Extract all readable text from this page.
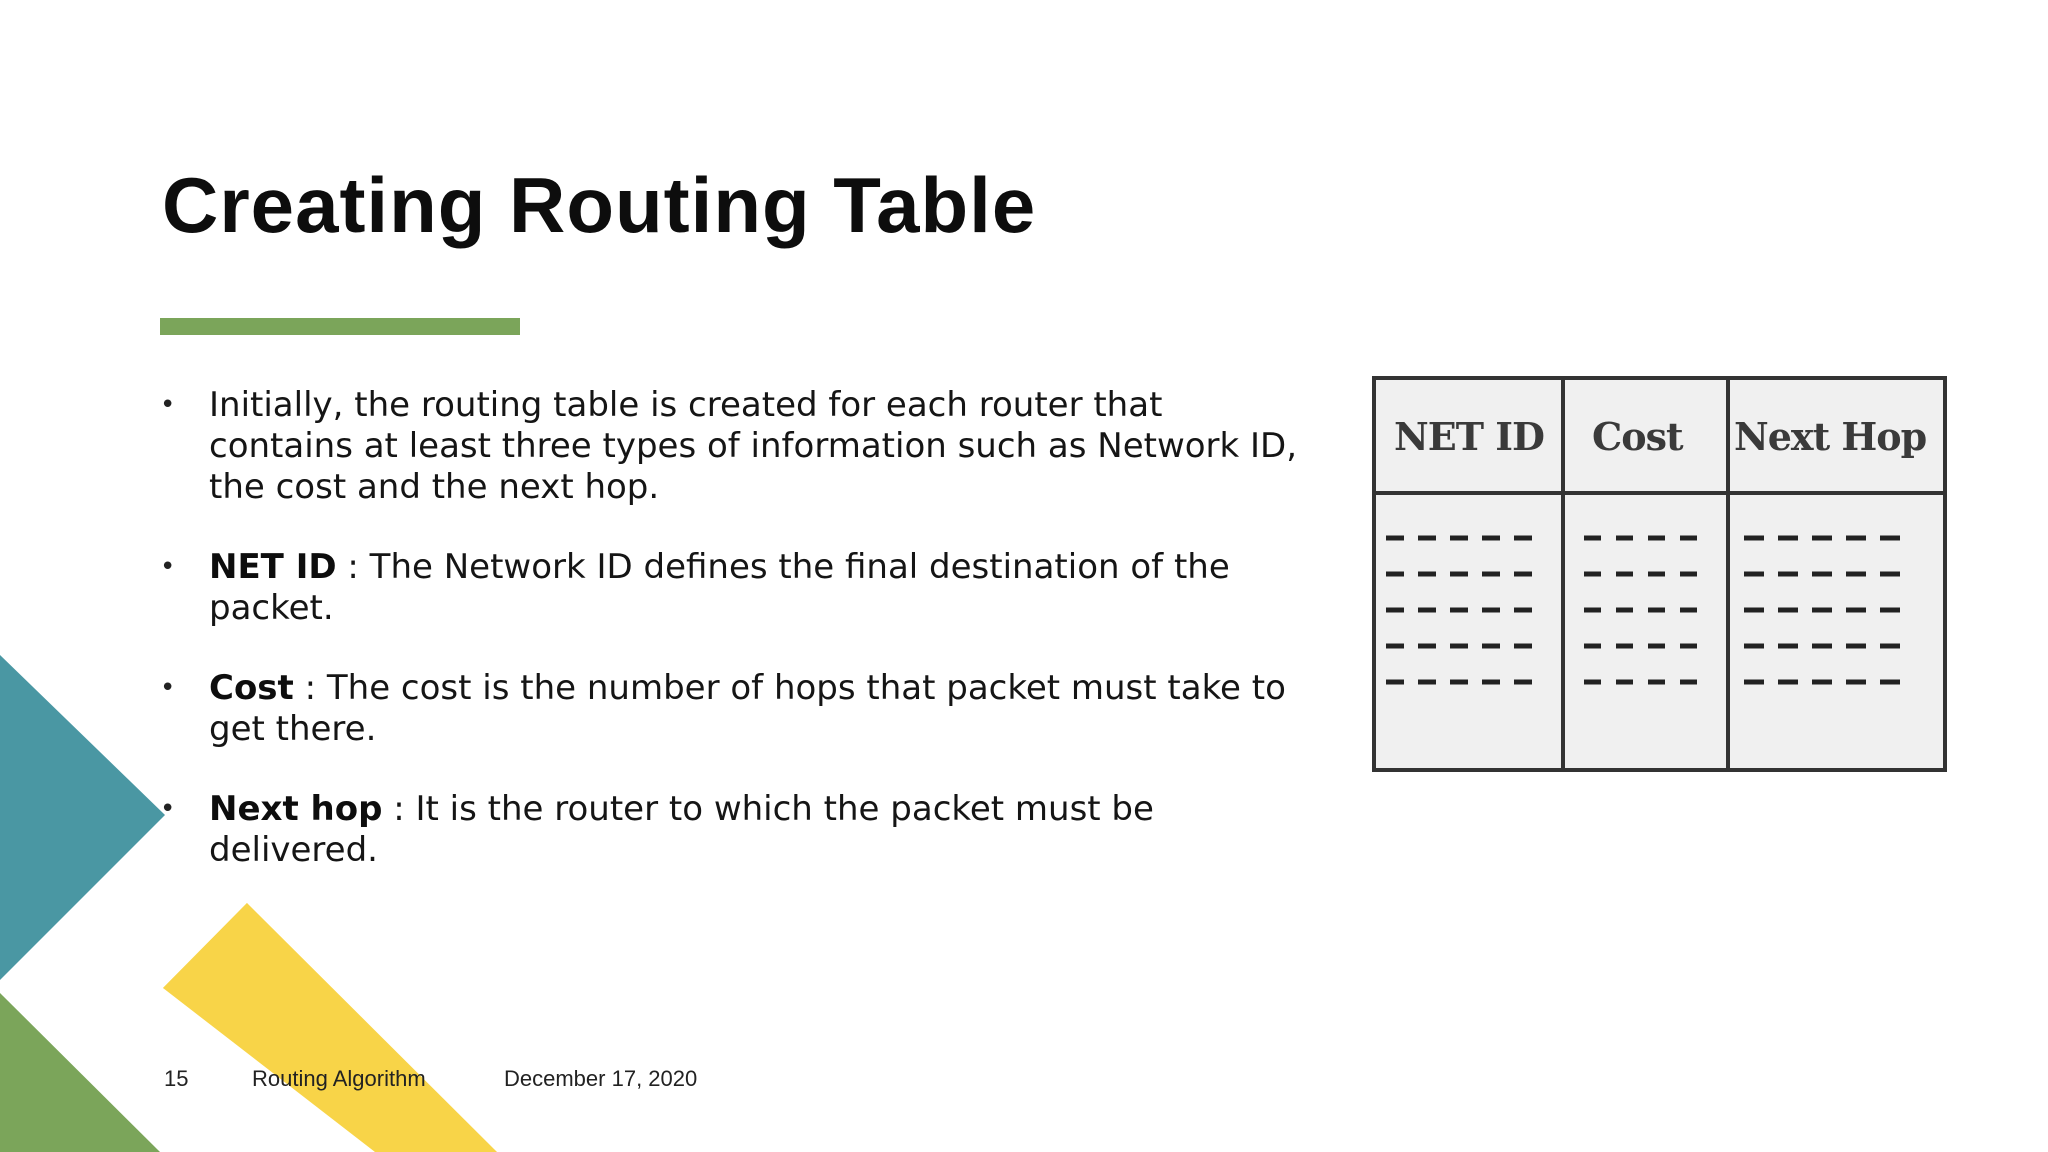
Creating Routing Table
• Initially, the routing table is created for each router that contains at least three types of information such as Network ID, the cost and the next hop.
• NET ID : The Network ID defines the final destination of the packet.
• Cost : The cost is the number of hops that packet must take to get there.
• Next hop : It is the router to which the packet must be delivered.
NET ID Cost Next Hop
15	Routing Algorithm	December 17, 2020
